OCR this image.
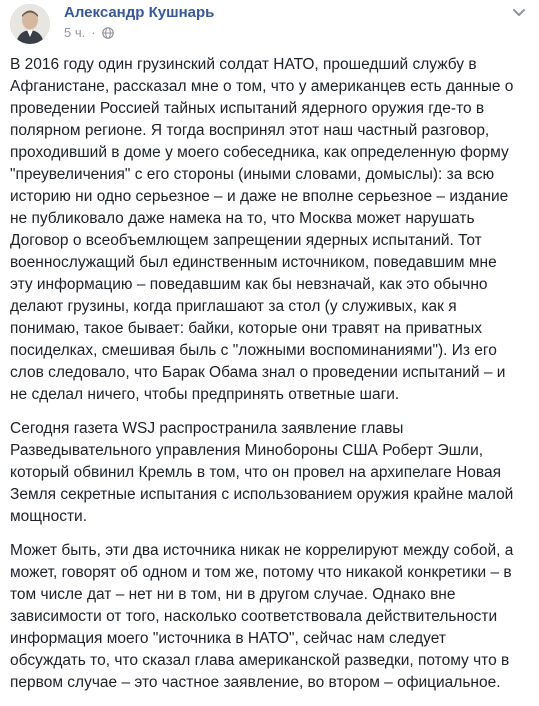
Александр Кушнарь
5 ч. ·

В 2016 году один грузинский солдат НАТО, прошедший службу в
Афганистане, рассказал мне о том, что у американцев есть данные о
проведении Россией тайных испытаний ядерного оружия где-то в
полярном регионе. Я тогда воспринял этот наш частный разговор,
проходивший в доме у моего собеседника, как определенную форму
"преувеличения" с его стороны (иными словами, домыслы): за всю
историю ни одно серьезное – и даже не вполне серьезное – издание
не публиковало даже намека на то, что Москва может нарушать
Договор о всеобъемлющем запрещении ядерных испытаний. Тот
военнослужащий был единственным источником, поведавшим мне
эту информацию – поведавшим как бы невзначай, как это обычно
делают грузины, когда приглашают за стол (у служивых, как я
понимаю, такое бывает: байки, которые они травят на приватных
посиделках, смешивая быль с "ложными воспоминаниями"). Из его
слов следовало, что Барак Обама знал о проведении испытаний – и
не сделал ничего, чтобы предпринять ответные шаги.

Сегодня газета WSJ распространила заявление главы
Разведывательного управления Минобороны США Роберт Эшли,
который обвинил Кремль в том, что он провел на архипелаге Новая
Земля секретные испытания с использованием оружия крайне малой
мощности.

Может быть, эти два источника никак не коррелируют между собой, а
может, говорят об одном и том же, потому что никакой конкретики – в
том числе дат – нет ни в том, ни в другом случае. Однако вне
зависимости от того, насколько соответствовала действительности
информация моего "источника в НАТО", сейчас нам следует
обсуждать то, что сказал глава американской разведки, потому что в
первом случае – это частное заявление, во втором – официальное.
